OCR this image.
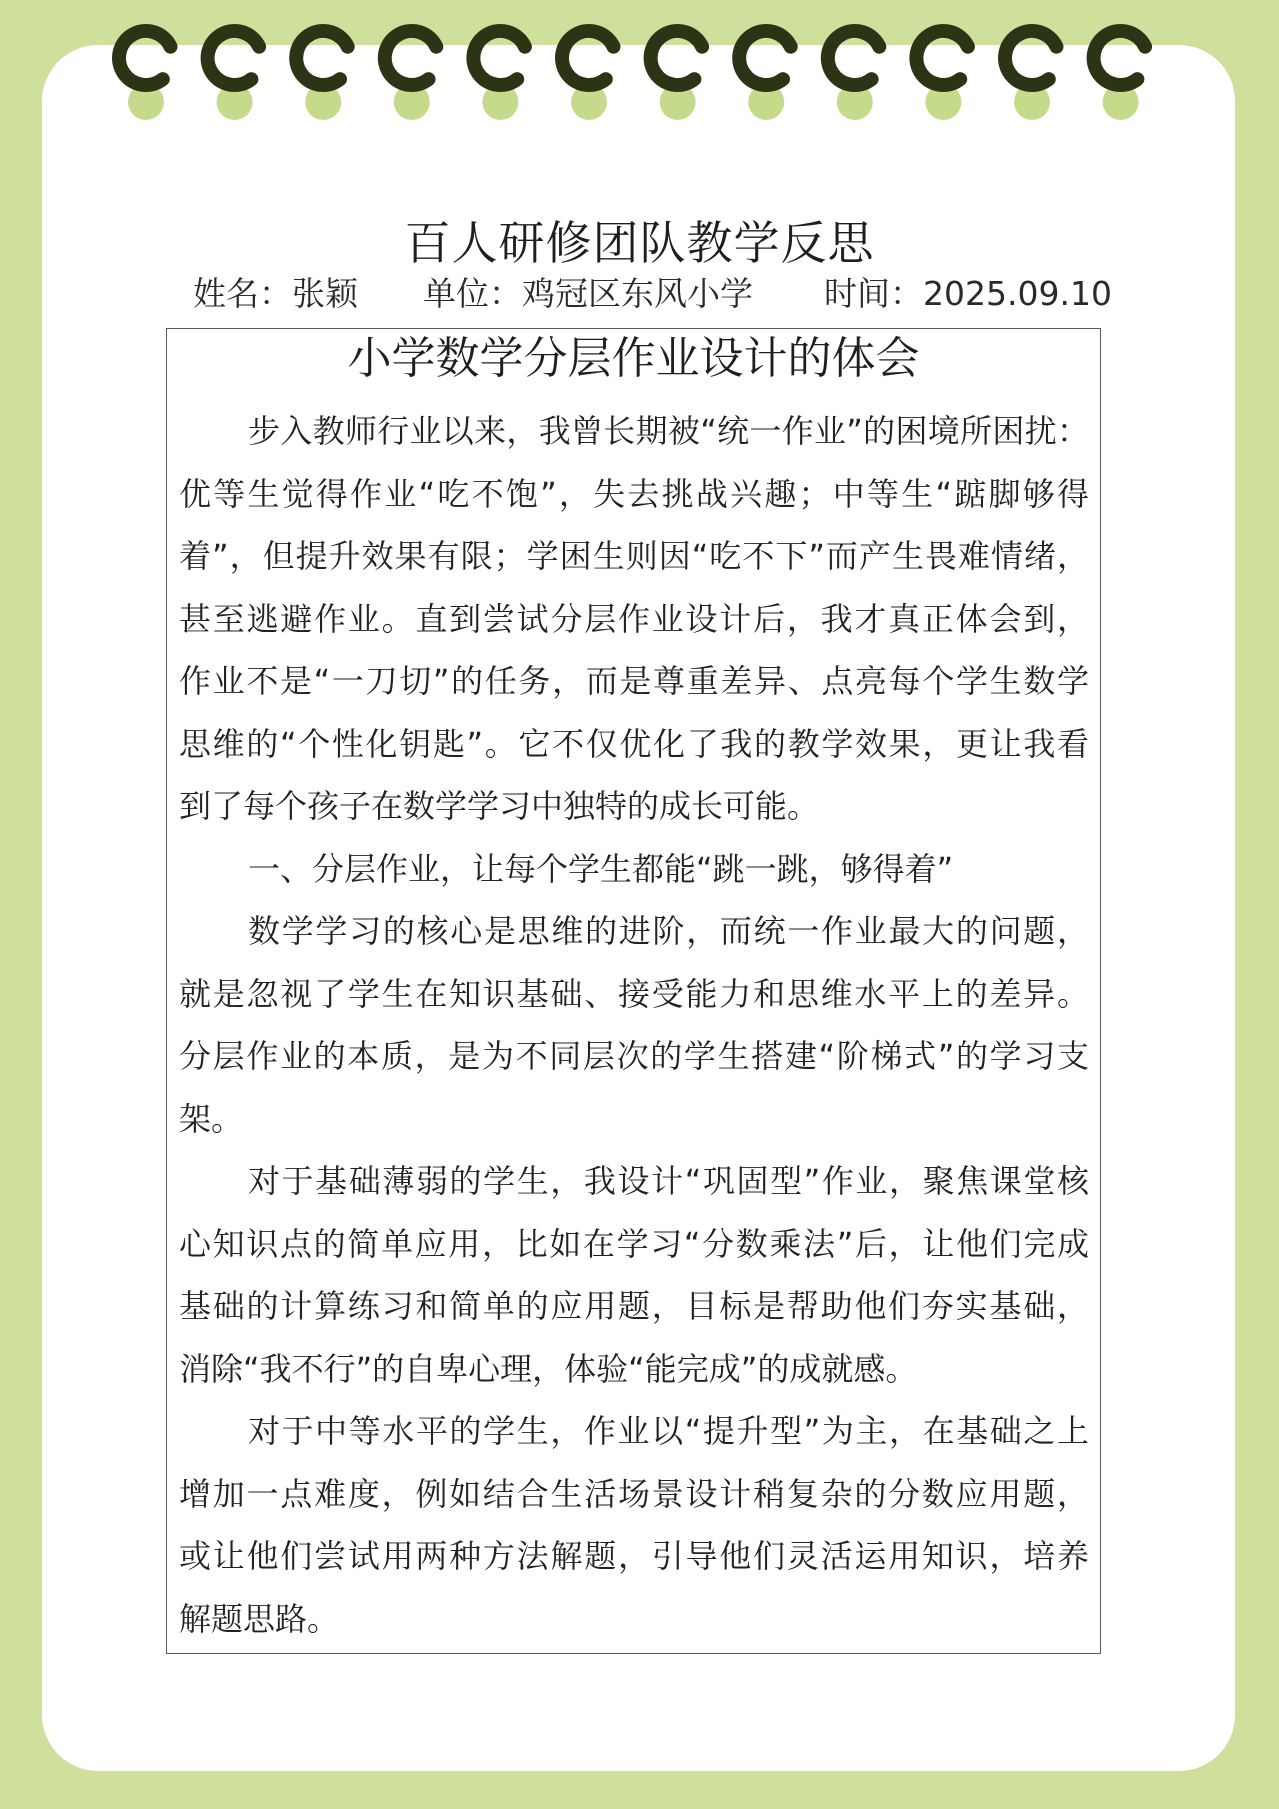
百人研修团队教学反思
姓名：张颖 单位：鸡冠区东风小学 时间：2025.09.10
小学数学分层作业设计的体会
步入教师行业以来，我曾长期被“统一作业”的困境所困扰：
优等生觉得作业“吃不饱”，失去挑战兴趣；中等生“踮脚够得
着”，但提升效果有限；学困生则因“吃不下”而产生畏难情绪，
甚至逃避作业。直到尝试分层作业设计后，我才真正体会到，
作业不是“一刀切”的任务，而是尊重差异、点亮每个学生数学
思维的“个性化钥匙”。它不仅优化了我的教学效果，更让我看
到了每个孩子在数学学习中独特的成长可能。
一、分层作业，让每个学生都能“跳一跳，够得着”
数学学习的核心是思维的进阶，而统一作业最大的问题，
就是忽视了学生在知识基础、接受能力和思维水平上的差异。
分层作业的本质，是为不同层次的学生搭建“阶梯式”的学习支
架。
对于基础薄弱的学生，我设计“巩固型”作业，聚焦课堂核
心知识点的简单应用，比如在学习“分数乘法”后，让他们完成
基础的计算练习和简单的应用题，目标是帮助他们夯实基础，
消除“我不行”的自卑心理，体验“能完成”的成就感。
对于中等水平的学生，作业以“提升型”为主，在基础之上
增加一点难度，例如结合生活场景设计稍复杂的分数应用题，
或让他们尝试用两种方法解题，引导他们灵活运用知识，培养
解题思路。
